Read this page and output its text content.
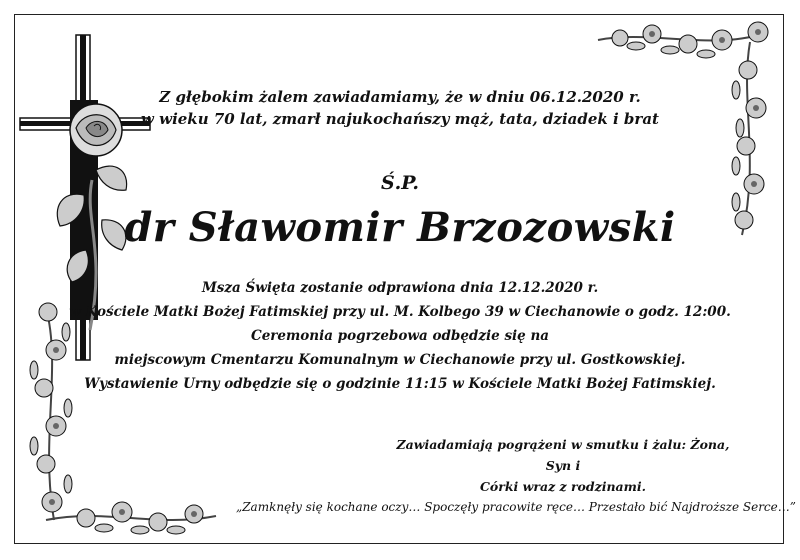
Z głębokim żalem zawiadamiamy, że w dniu 06.12.2020 r.
w wieku 70 lat, zmarł najukochańszy mąż, tata, dziadek i brat
Ś.P.
dr Sławomir Brzozowski
Msza Święta zostanie odprawiona dnia 12.12.2020 r.
w Kościele Matki Bożej Fatimskiej przy ul. M. Kolbego 39 w Ciechanowie o godz. 12:00.
Ceremonia pogrzebowa odbędzie się na
miejscowym Cmentarzu Komunalnym w Ciechanowie przy ul. Gostkowskiej.
Wystawienie Urny odbędzie się o godzinie 11:15 w Kościele Matki Bożej Fatimskiej.
Zawiadamiają pogrążeni w smutku i żalu: Żona, Syn i
Córki wraz z rodzinami.
„Zamknęły się kochane oczy… Spoczęły pracowite ręce… Przestało bić Najdroższe Serce…”
